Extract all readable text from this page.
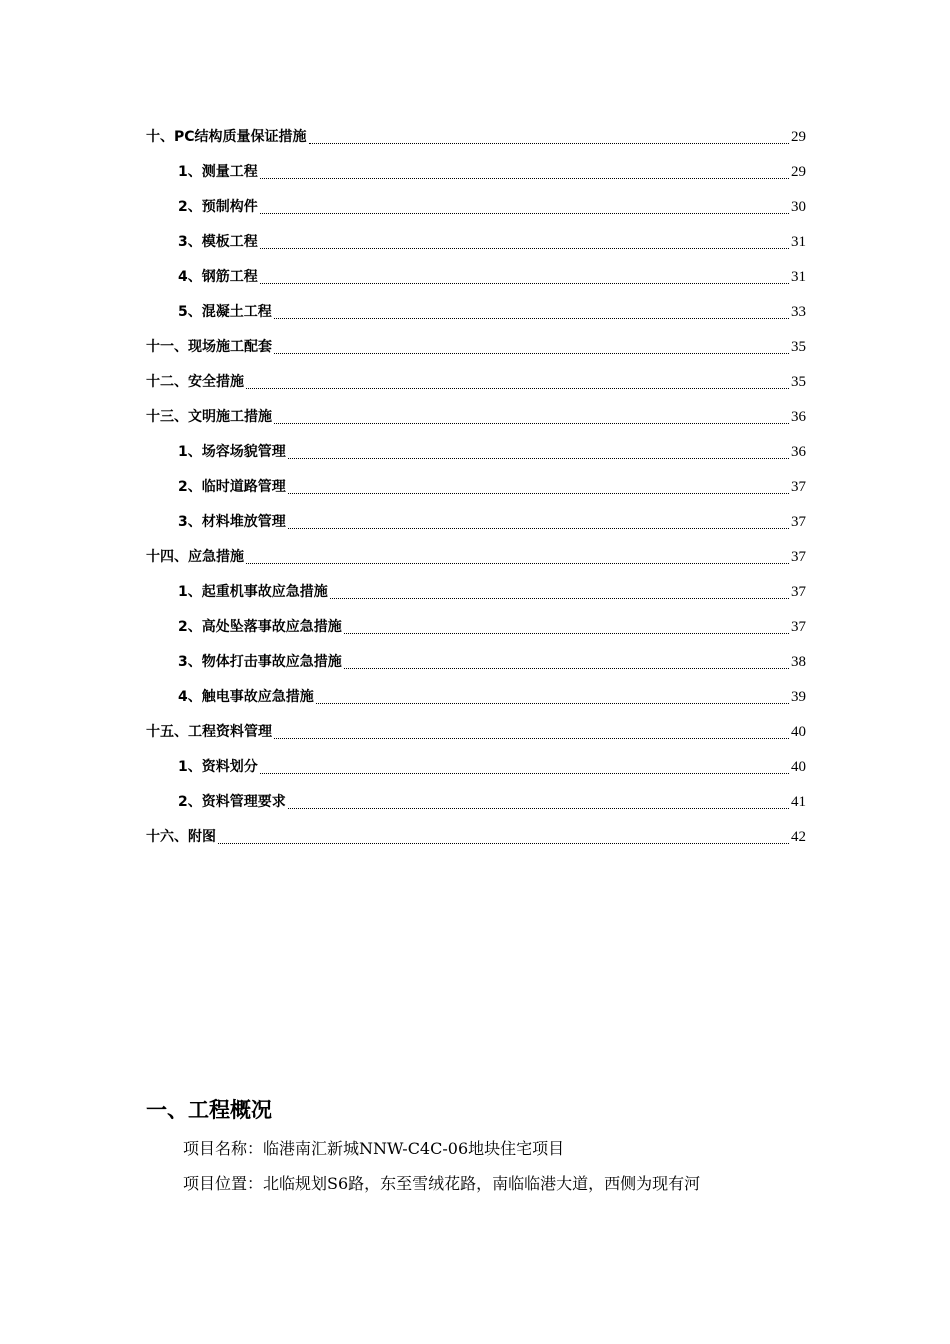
十、PC结构质量保证措施	29
1、测量工程	29
2、预制构件	30
3、模板工程	31
4、钢筋工程	31
5、混凝土工程	33
十一、现场施工配套	35
十二、安全措施	35
十三、文明施工措施	36
1、场容场貌管理	36
2、临时道路管理	37
3、材料堆放管理	37
十四、应急措施	37
1、起重机事故应急措施	37
2、高处坠落事故应急措施	37
3、物体打击事故应急措施	38
4、触电事故应急措施	39
十五、工程资料管理	40
1、资料划分	40
2、资料管理要求	41
十六、附图	42
一、工程概况
项目名称：临港南汇新城NNW-C4C-06地块住宅项目
项目位置：北临规划S6路，东至雪绒花路，南临临港大道，西侧为现有河
